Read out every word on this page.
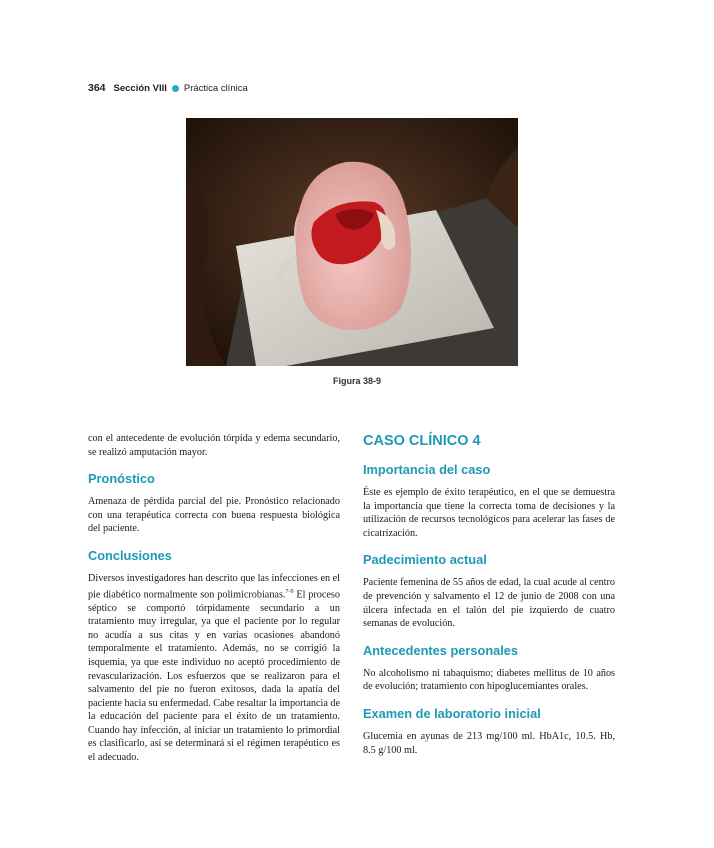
364 Sección VIII Práctica clínica
Figura 38-9

con el antecedente de evolución tórpida y edema secundario, se realizó amputación mayor.

Pronóstico

Amenaza de pérdida parcial del pie. Pronóstico relacionado con una terapéutica correcta con buena respuesta biológica del paciente.

Conclusiones

Diversos investigadores han descrito que las infecciones en el pie diabético normalmente son polimicrobianas.$^{7-9}$ El proceso séptico se comportó tórpidamente secundario a un tratamiento muy irregular, ya que el paciente por lo regular no acudía a sus citas y en varias ocasiones abandonó temporalmente el tratamiento. Además, no se corrigió la isquemia, ya que este individuo no aceptó procedimiento de revascularización. Los esfuerzos que se realizaron para el salvamento del pie no fueron exitosos, dada la apatía del paciente hacia su enfermedad. Cabe resaltar la importancia de la educación del paciente para el éxito de un tratamiento. Cuando hay infección, al iniciar un tratamiento lo primordial es clasificarlo, así se determinará si el régimen terapéutico es el adecuado.

CASO CLÍNICO 4
Importancia del caso

Éste es ejemplo de éxito terapéutico, en el que se demuestra la importancia que tiene la correcta toma de decisiones y la utilización de recursos tecnológicos para acelerar las fases de cicatrización.

Padecimiento actual

Paciente femenina de 55 años de edad, la cual acude al centro de prevención y salvamento el 12 de junio de 2008 con una úlcera infectada en el talón del pie izquierdo de cuatro semanas de evolución.

Antecedentes personales

No alcoholismo ni tabaquismo; diabetes mellitus de 10 años de evolución; tratamiento con hipoglucemiantes orales.

Examen de laboratorio inicial

Glucemia en ayunas de 213 mg/100 ml. HbA1c, 10.5. Hb, 8.5 g/100 ml.
